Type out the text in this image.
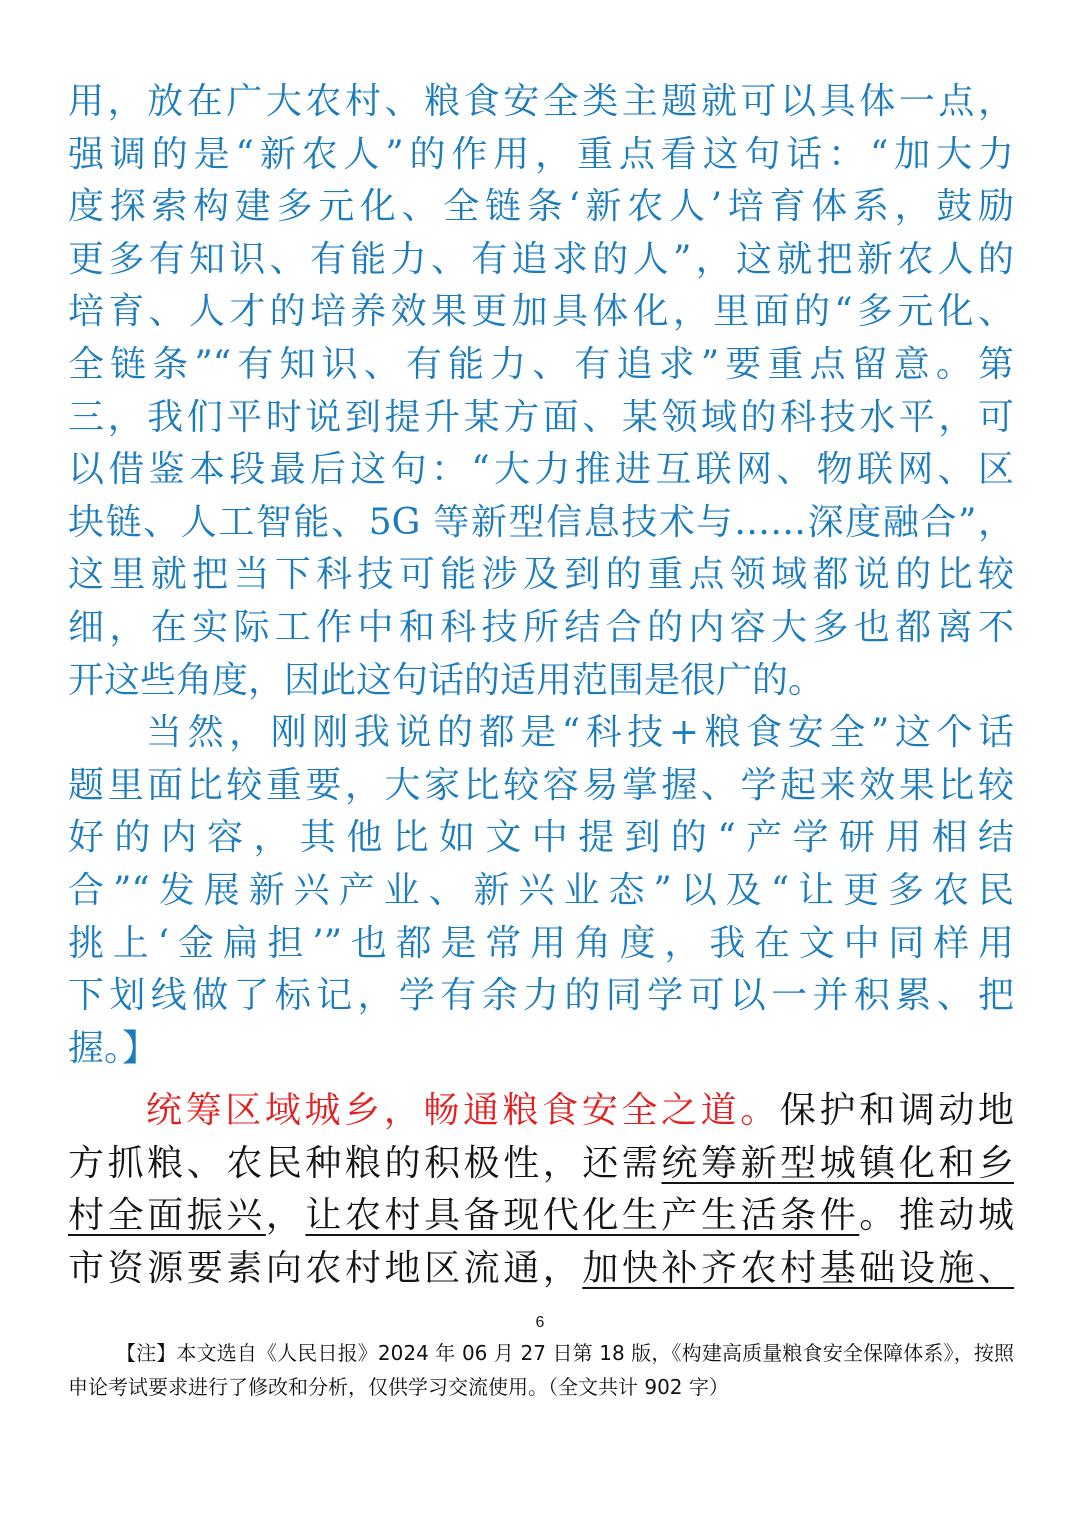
用，放在广大农村、粮食安全类主题就可以具体一点，
强调的是“新农人”的作用，重点看这句话：“加大力
度探索构建多元化、全链条‘新农人’培育体系，鼓励
更多有知识、有能力、有追求的人”，这就把新农人的
培育、人才的培养效果更加具体化，里面的“多元化、
全链条”“有知识、有能力、有追求”要重点留意。第
三，我们平时说到提升某方面、某领域的科技水平，可
以借鉴本段最后这句：“大力推进互联网、物联网、区
块链、人工智能、5G 等新型信息技术与……深度融合”，
这里就把当下科技可能涉及到的重点领域都说的比较
细，在实际工作中和科技所结合的内容大多也都离不
开这些角度，因此这句话的适用范围是很广的。
当然，刚刚我说的都是“科技+粮食安全”这个话
题里面比较重要，大家比较容易掌握、学起来效果比较
好的内容，其他比如文中提到的“产学研用相结
合”“发展新兴产业、新兴业态”以及“让更多农民
挑上‘金扁担’”也都是常用角度，我在文中同样用
下划线做了标记，学有余力的同学可以一并积累、把
握。】
统筹区域城乡，畅通粮食安全之道。保护和调动地
方抓粮、农民种粮的积极性，还需统筹新型城镇化和乡
村全面振兴，让农村具备现代化生产生活条件。推动城
市资源要素向农村地区流通，加快补齐农村基础设施、
6
【注】本文选自《人民日报》2024 年 06 月 27 日第 18 版，《构建高质量粮食安全保障体系》，按照申论考试要求进行了修改和分析，仅供学习交流使用。（全文共计 902 字）
